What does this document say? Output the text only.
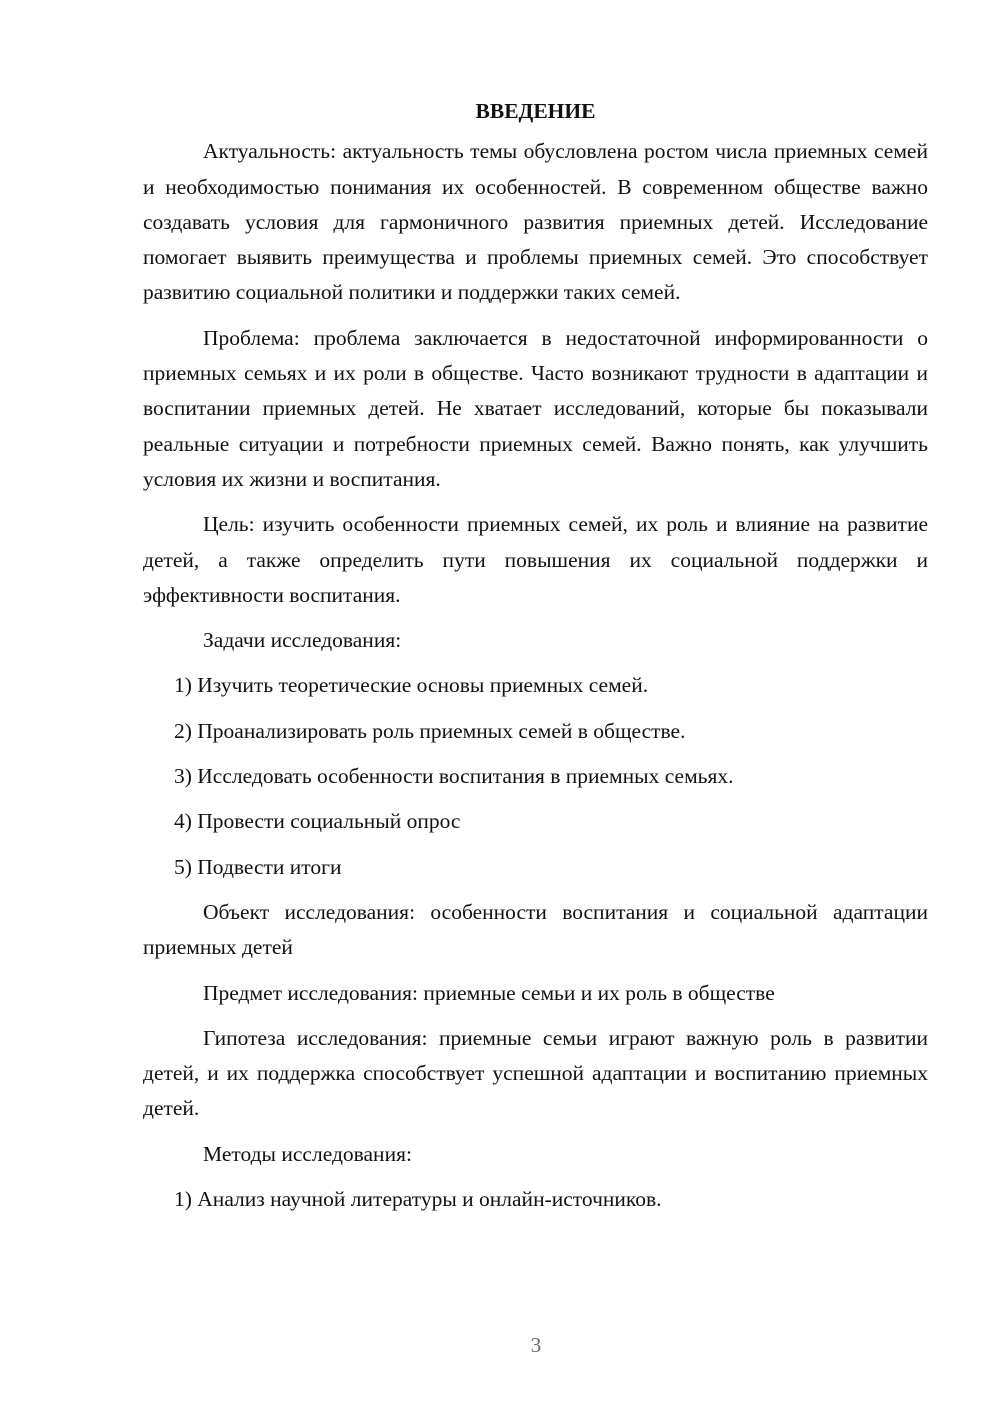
ВВЕДЕНИЕ

Актуальность: актуальность темы обусловлена ростом числа приемных семей и необходимостью понимания их особенностей. В современном обществе важно создавать условия для гармоничного развития приемных детей. Исследование помогает выявить преимущества и проблемы приемных семей. Это способствует развитию социальной политики и поддержки таких семей.

Проблема: проблема заключается в недостаточной информированности о приемных семьях и их роли в обществе. Часто возникают трудности в адаптации и воспитании приемных детей. Не хватает исследований, которые бы показывали реальные ситуации и потребности приемных семей. Важно понять, как улучшить условия их жизни и воспитания.

Цель: изучить особенности приемных семей, их роль и влияние на развитие детей, а также определить пути повышения их социальной поддержки и эффективности воспитания.

Задачи исследования:

1) Изучить теоретические основы приемных семей.
2) Проанализировать роль приемных семей в обществе.
3) Исследовать особенности воспитания в приемных семьях.
4) Провести социальный опрос
5) Подвести итоги

Объект исследования: особенности воспитания и социальной адаптации приемных детей

Предмет исследования: приемные семьи и их роль в обществе

Гипотеза исследования: приемные семьи играют важную роль в развитии детей, и их поддержка способствует успешной адаптации и воспитанию приемных детей.

Методы исследования:

1) Анализ научной литературы и онлайн-источников.
3
